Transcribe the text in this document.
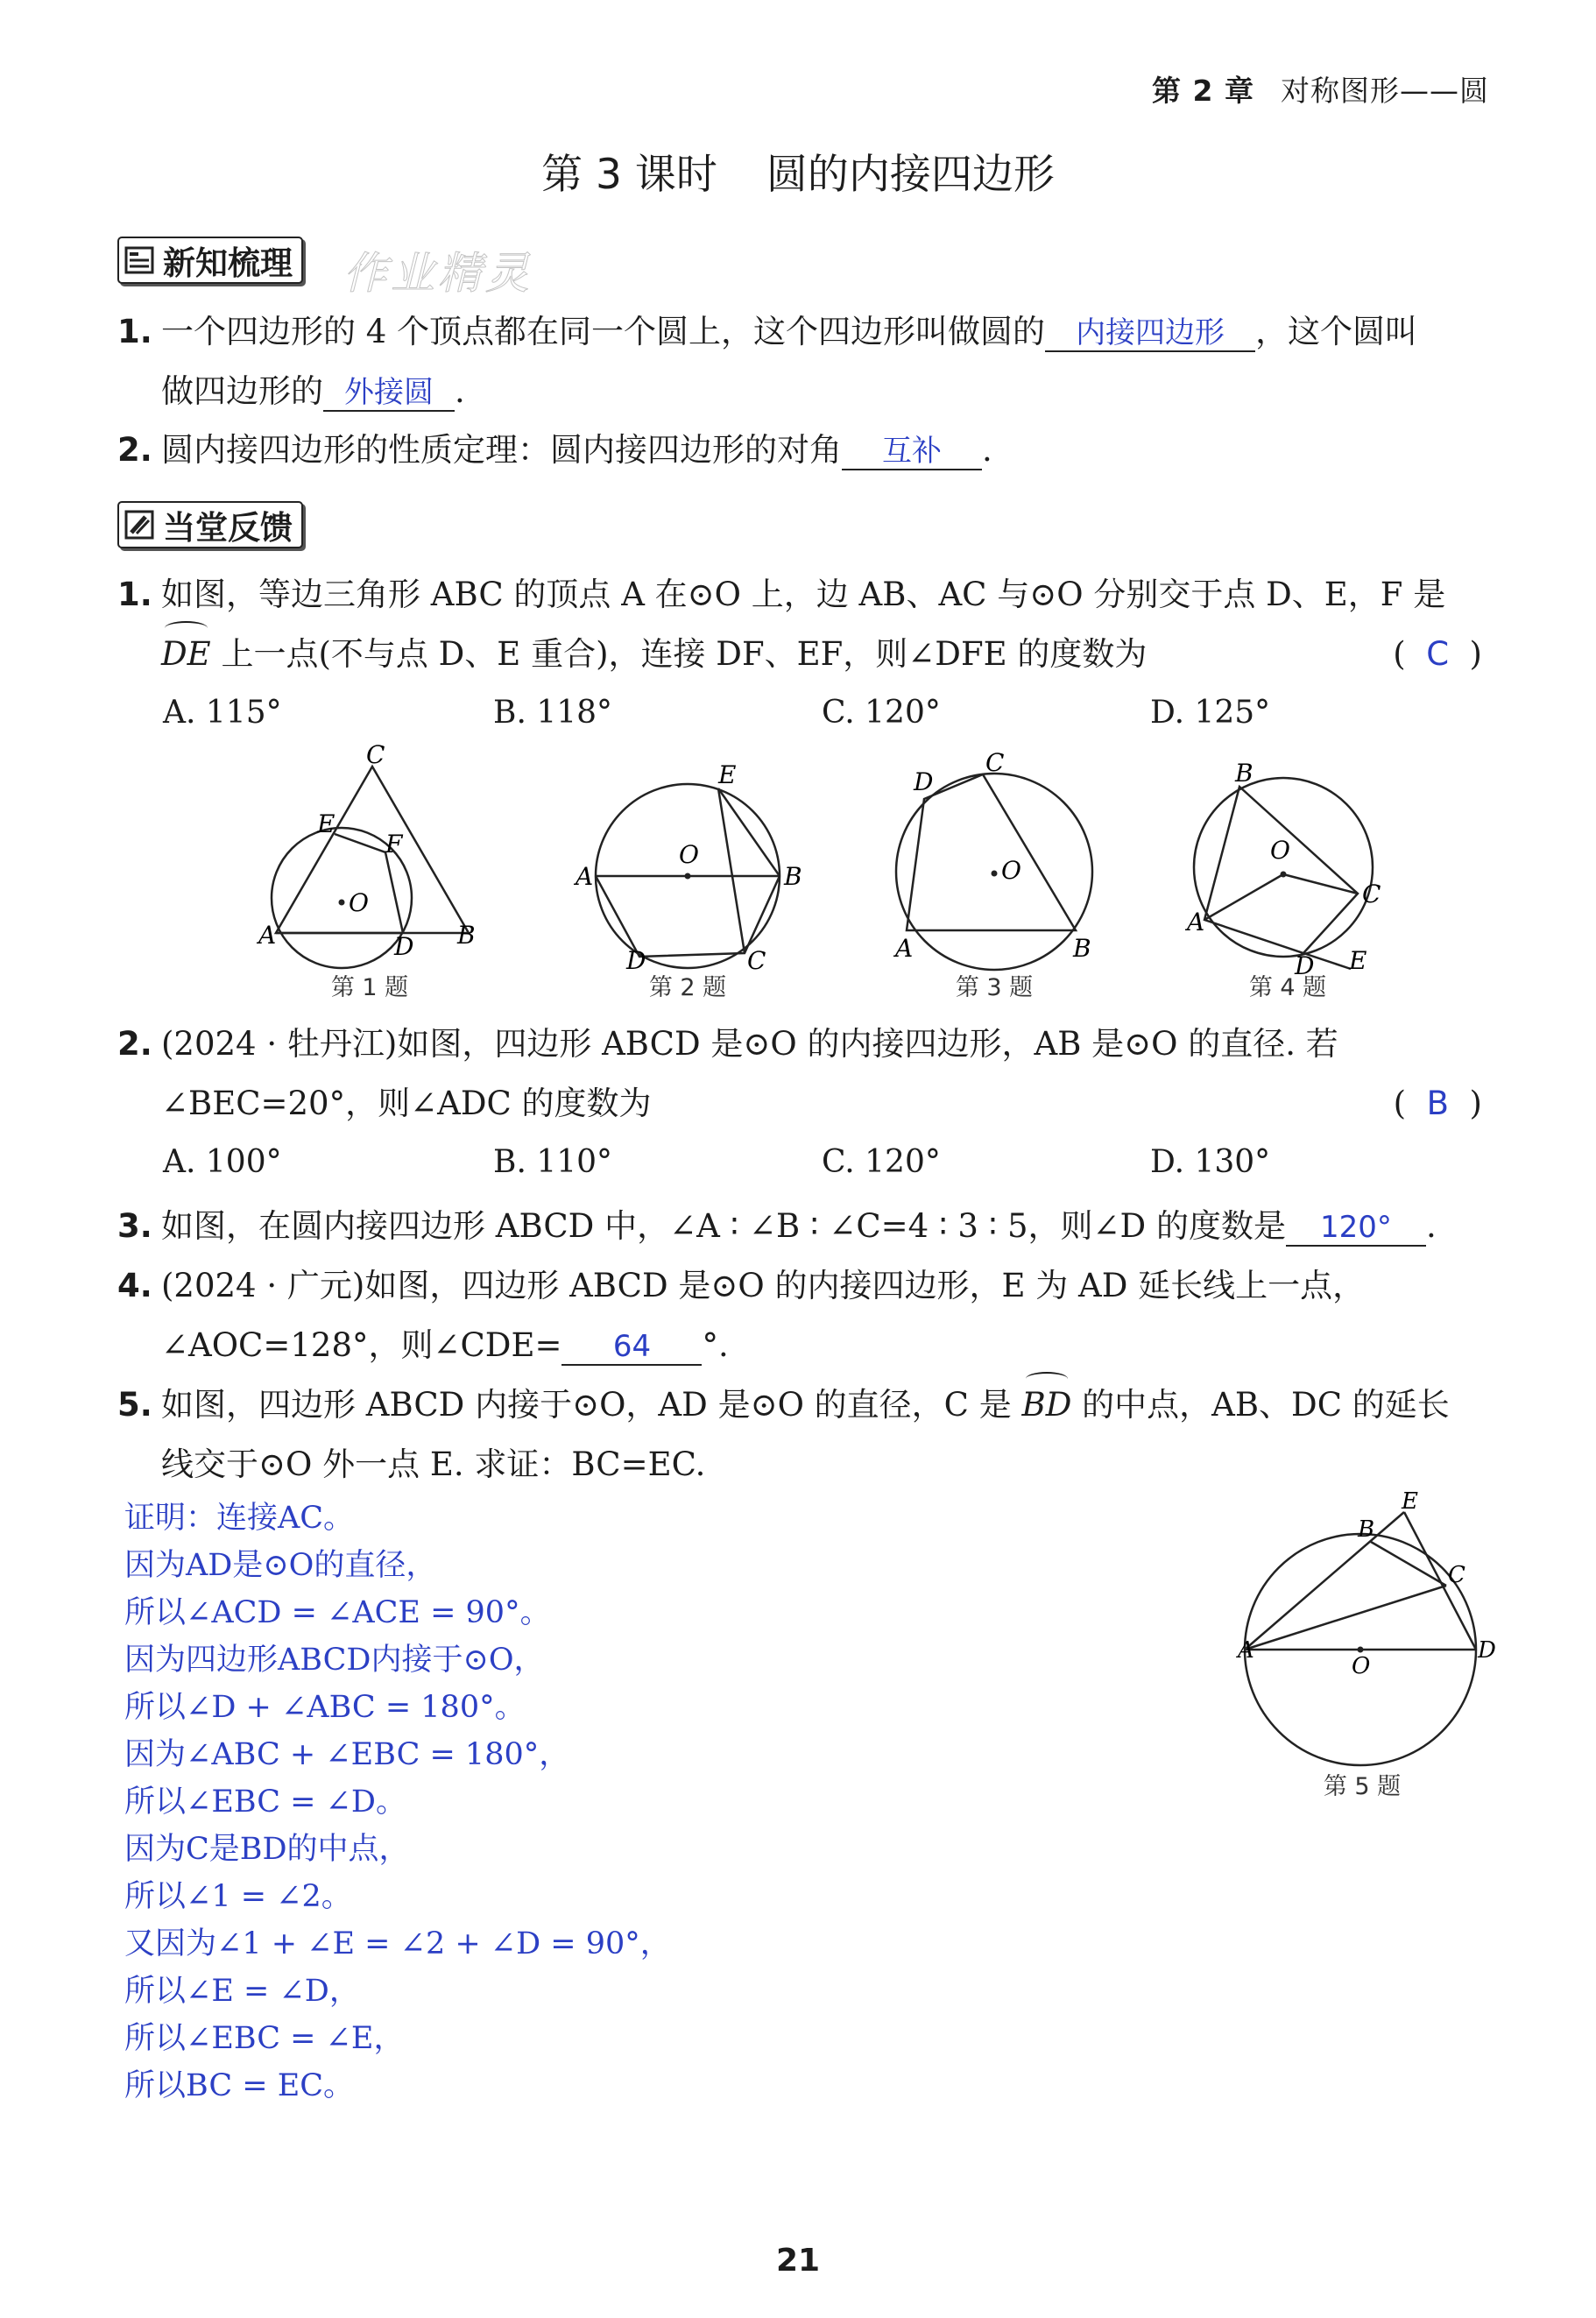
第 2 章 对称图形——圆
第 3 课时 圆的内接四边形
新知梳理 作业精灵
1. 一个四边形的 4 个顶点都在同一个圆上，这个四边形叫做圆的 内接四边形 ，这个圆叫
做四边形的 外接圆 .
2. 圆内接四边形的性质定理：圆内接四边形的对角 互补 .
当堂反馈
1. 如图，等边三角形 ABC 的顶点 A 在⊙O 上，边 AB、AC 与⊙O 分别交于点 D、E，F 是
DE 上一点(不与点 D、E 重合)，连接 DF、EF，则∠DFE 的度数为	(  C  )
A. 115°	B. 118°	C. 120°	D. 125°
C
E
F
O
A	D B
第 1 题
E
O
A	B
D	C
第 2 题
D
C
O
A	B
第 3 题
B
O
C
A
D E
第 4 题
2. (2024 · 牡丹江)如图，四边形 ABCD 是⊙O 的内接四边形，AB 是⊙O 的直径. 若
∠BEC=20°，则∠ADC 的度数为	(  B  )
A. 100°	B. 110°	C. 120°	D. 130°
3. 如图，在圆内接四边形 ABCD 中，∠A ∶ ∠B ∶ ∠C=4 ∶ 3 ∶ 5，则∠D 的度数是 120° .
4. (2024 · 广元)如图，四边形 ABCD 是⊙O 的内接四边形，E 为 AD 延长线上一点，
∠AOC=128°，则∠CDE= 64 °.
5. 如图，四边形 ABCD 内接于⊙O，AD 是⊙O 的直径，C 是 BD 的中点，AB、DC 的延长
线交于⊙O 外一点 E. 求证：BC=EC.
证明：连接AC。
因为AD是⊙O的直径，
所以∠ACD = ∠ACE = 90°。
因为四边形ABCD内接于⊙O，
所以∠D + ∠ABC = 180°。
因为∠ABC + ∠EBC = 180°，
所以∠EBC = ∠D。
因为C是BD的中点，
所以∠1 = ∠2。
又因为∠1 + ∠E = ∠2 + ∠D = 90°，
所以∠E = ∠D，
所以∠EBC = ∠E，
所以BC = EC。
E
B
C
A
O
D
第 5 题
21
